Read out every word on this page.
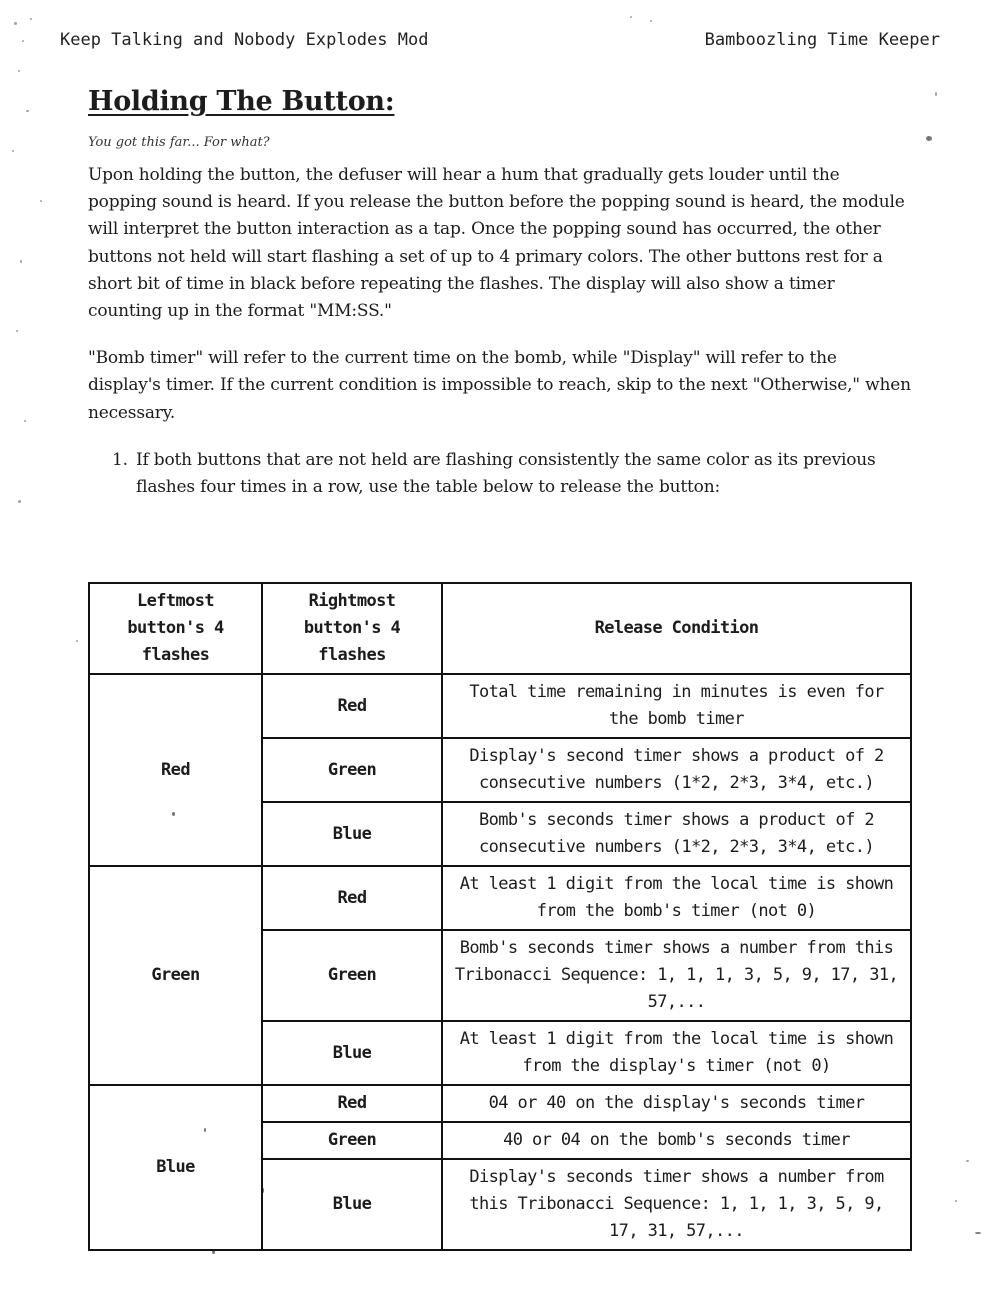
Keep Talking and Nobody Explodes Mod	Bamboozling Time Keeper
Holding The Button:
You got this far... For what?
Upon holding the button, the defuser will hear a hum that gradually gets louder until the popping sound is heard. If you release the button before the popping sound is heard, the module will interpret the button interaction as a tap. Once the popping sound has occurred, the other buttons not held will start flashing a set of up to 4 primary colors. The other buttons rest for a short bit of time in black before repeating the flashes. The display will also show a timer counting up in the format "MM:SS."
"Bomb timer" will refer to the current time on the bomb, while "Display" will refer to the display's timer. If the current condition is impossible to reach, skip to the next "Otherwise," when necessary.
1. If both buttons that are not held are flashing consistently the same color as its previous flashes four times in a row, use the table below to release the button:
Leftmost button's 4 flashes	Rightmost button's 4 flashes	Release Condition
Red	Red	Total time remaining in minutes is even for the bomb timer
	Green	Display's second timer shows a product of 2 consecutive numbers (1*2, 2*3, 3*4, etc.)
	Blue	Bomb's seconds timer shows a product of 2 consecutive numbers (1*2, 2*3, 3*4, etc.)
Green	Red	At least 1 digit from the local time is shown from the bomb's timer (not 0)
	Green	Bomb's seconds timer shows a number from this Tribonacci Sequence: 1, 1, 1, 3, 5, 9, 17, 31, 57,...
	Blue	At least 1 digit from the local time is shown from the display's timer (not 0)
Blue	Red	04 or 40 on the display's seconds timer
	Green	40 or 04 on the bomb's seconds timer
	Blue	Display's seconds timer shows a number from this Tribonacci Sequence: 1, 1, 1, 3, 5, 9, 17, 31, 57,...
